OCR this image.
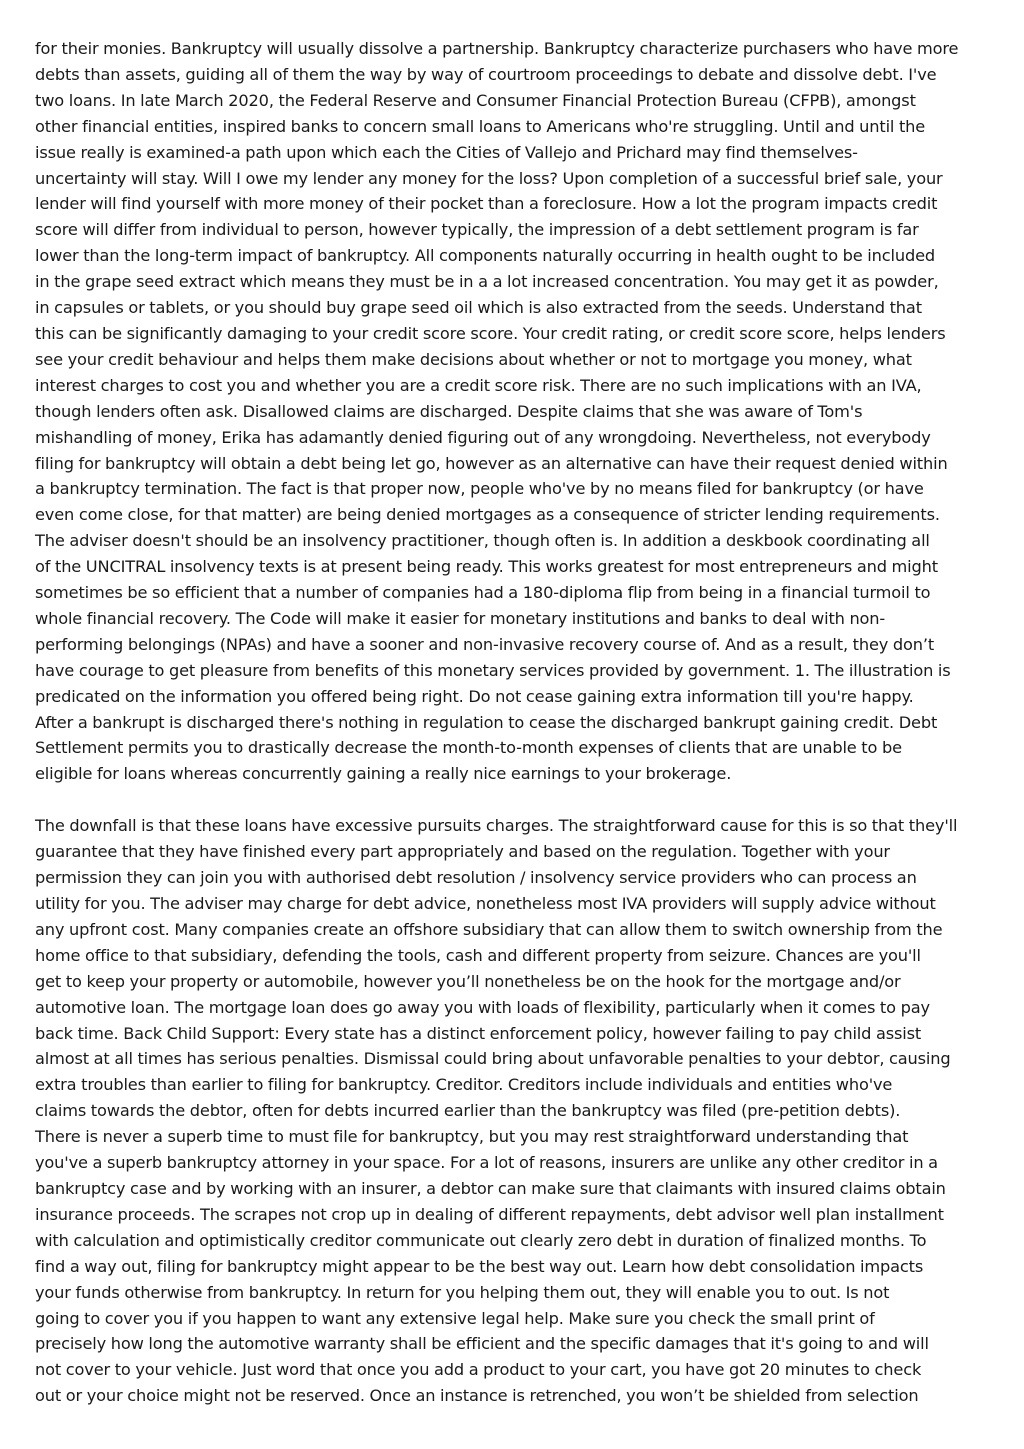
for their monies. Bankruptcy will usually dissolve a partnership. Bankruptcy characterize purchasers who have more
debts than assets, guiding all of them the way by way of courtroom proceedings to debate and dissolve debt. I've
two loans. In late March 2020, the Federal Reserve and Consumer Financial Protection Bureau (CFPB), amongst
other financial entities, inspired banks to concern small loans to Americans who're struggling. Until and until the
issue really is examined-a path upon which each the Cities of Vallejo and Prichard may find themselves-
uncertainty will stay. Will I owe my lender any money for the loss? Upon completion of a successful brief sale, your
lender will find yourself with more money of their pocket than a foreclosure. How a lot the program impacts credit
score will differ from individual to person, however typically, the impression of a debt settlement program is far
lower than the long-term impact of bankruptcy. All components naturally occurring in health ought to be included
in the grape seed extract which means they must be in a a lot increased concentration. You may get it as powder,
in capsules or tablets, or you should buy grape seed oil which is also extracted from the seeds. Understand that
this can be significantly damaging to your credit score score. Your credit rating, or credit score score, helps lenders
see your credit behaviour and helps them make decisions about whether or not to mortgage you money, what
interest charges to cost you and whether you are a credit score risk. There are no such implications with an IVA,
though lenders often ask. Disallowed claims are discharged. Despite claims that she was aware of Tom's
mishandling of money, Erika has adamantly denied figuring out of any wrongdoing. Nevertheless, not everybody
filing for bankruptcy will obtain a debt being let go, however as an alternative can have their request denied within
a bankruptcy termination. The fact is that proper now, people who've by no means filed for bankruptcy (or have
even come close, for that matter) are being denied mortgages as a consequence of stricter lending requirements.
The adviser doesn't should be an insolvency practitioner, though often is. In addition a deskbook coordinating all
of the UNCITRAL insolvency texts is at present being ready. This works greatest for most entrepreneurs and might
sometimes be so efficient that a number of companies had a 180-diploma flip from being in a financial turmoil to
whole financial recovery. The Code will make it easier for monetary institutions and banks to deal with non-
performing belongings (NPAs) and have a sooner and non-invasive recovery course of. And as a result, they don’t
have courage to get pleasure from benefits of this monetary services provided by government. 1. The illustration is
predicated on the information you offered being right. Do not cease gaining extra information till you're happy.
After a bankrupt is discharged there's nothing in regulation to cease the discharged bankrupt gaining credit. Debt
Settlement permits you to drastically decrease the month-to-month expenses of clients that are unable to be
eligible for loans whereas concurrently gaining a really nice earnings to your brokerage.

The downfall is that these loans have excessive pursuits charges. The straightforward cause for this is so that they'll
guarantee that they have finished every part appropriately and based on the regulation. Together with your
permission they can join you with authorised debt resolution / insolvency service providers who can process an
utility for you. The adviser may charge for debt advice, nonetheless most IVA providers will supply advice without
any upfront cost. Many companies create an offshore subsidiary that can allow them to switch ownership from the
home office to that subsidiary, defending the tools, cash and different property from seizure. Chances are you'll
get to keep your property or automobile, however you’ll nonetheless be on the hook for the mortgage and/or
automotive loan. The mortgage loan does go away you with loads of flexibility, particularly when it comes to pay
back time. Back Child Support: Every state has a distinct enforcement policy, however failing to pay child assist
almost at all times has serious penalties. Dismissal could bring about unfavorable penalties to your debtor, causing
extra troubles than earlier to filing for bankruptcy. Creditor. Creditors include individuals and entities who've
claims towards the debtor, often for debts incurred earlier than the bankruptcy was filed (pre-petition debts).
There is never a superb time to must file for bankruptcy, but you may rest straightforward understanding that
you've a superb bankruptcy attorney in your space. For a lot of reasons, insurers are unlike any other creditor in a
bankruptcy case and by working with an insurer, a debtor can make sure that claimants with insured claims obtain
insurance proceeds. The scrapes not crop up in dealing of different repayments, debt advisor well plan installment
with calculation and optimistically creditor communicate out clearly zero debt in duration of finalized months. To
find a way out, filing for bankruptcy might appear to be the best way out. Learn how debt consolidation impacts
your funds otherwise from bankruptcy. In return for you helping them out, they will enable you to out. Is not
going to cover you if you happen to want any extensive legal help. Make sure you check the small print of
precisely how long the automotive warranty shall be efficient and the specific damages that it's going to and will
not cover to your vehicle. Just word that once you add a product to your cart, you have got 20 minutes to check
out or your choice might not be reserved. Once an instance is retrenched, you won’t be shielded from selection
